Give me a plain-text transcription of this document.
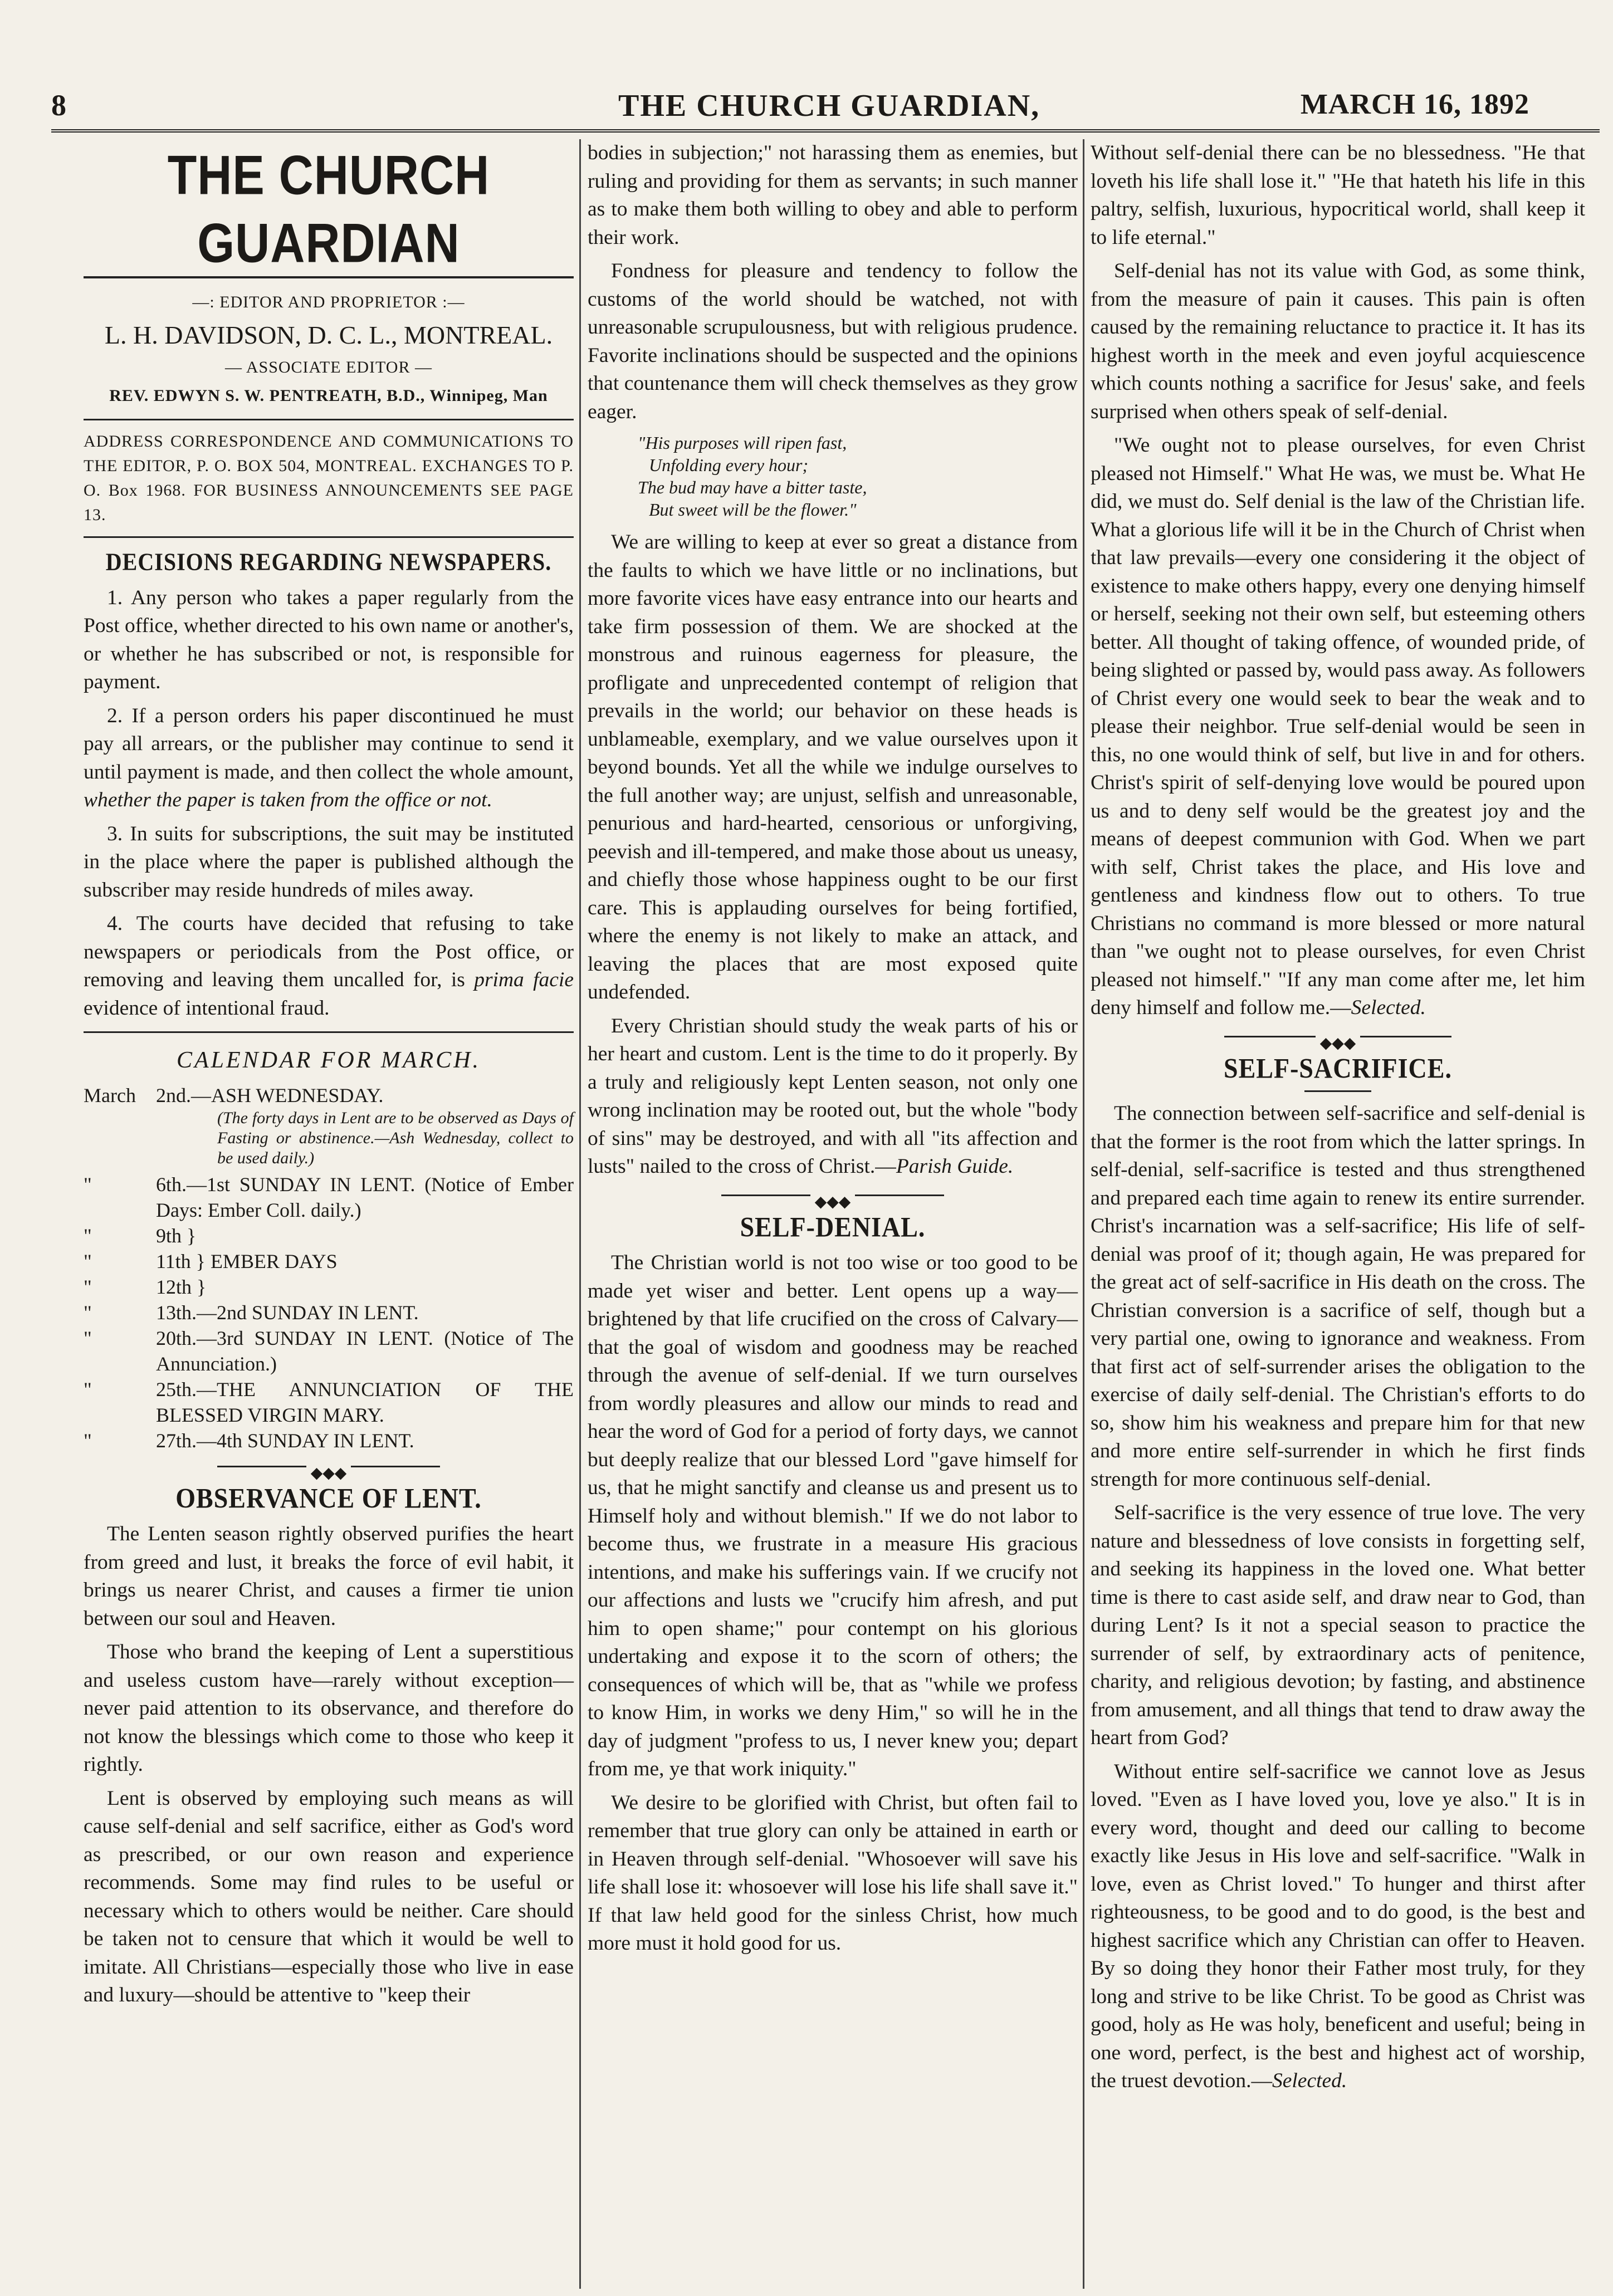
8	THE CHURCH GUARDIAN,	MARCH 16, 1892
THE CHURCH GUARDIAN
—: EDITOR AND PROPRIETOR :—
L. H. DAVIDSON, D. C. L., MONTREAL.
— ASSOCIATE EDITOR —
REV. EDWYN S. W. PENTREATH, B.D., Winnipeg, Man

ADDRESS CORRESPONDENCE AND COMMUNICATIONS TO THE EDITOR, P. O. BOX 504, MONTREAL. EXCHANGES TO P. O. Box 1968. FOR BUSINESS ANNOUNCEMENTS SEE PAGE 13.

DECISIONS REGARDING NEWSPAPERS.

1. Any person who takes a paper regularly from the Post office, whether directed to his own name or another's, or whether he has subscribed or not, is responsible for payment.

2. If a person orders his paper discontinued he must pay all arrears, or the publisher may continue to send it until payment is made, and then collect the whole amount, whether the paper is taken from the office or not.

3. In suits for subscriptions, the suit may be instituted in the place where the paper is published although the subscriber may reside hundreds of miles away.

4. The courts have decided that refusing to take newspapers or periodicals from the Post office, or removing and leaving them uncalled for, is prima facie evidence of intentional fraud.

CALENDAR FOR MARCH.
March	2nd.—ASH WEDNESDAY.
(The forty days in Lent are to be observed as Days of Fasting or abstinence.—Ash Wednesday, collect to be used daily.)
"	6th.—1st SUNDAY IN LENT. (Notice of Ember Days: Ember Coll. daily.)
"	9th }
"	11th } EMBER DAYS
"	12th }
"	13th.—2nd SUNDAY IN LENT.
"	20th.—3rd SUNDAY IN LENT. (Notice of The Annunciation.)
"	25th.—THE ANNUNCIATION OF THE BLESSED VIRGIN MARY.
"	27th.—4th SUNDAY IN LENT.
◆◆◆
OBSERVANCE OF LENT.

The Lenten season rightly observed purifies the heart from greed and lust, it breaks the force of evil habit, it brings us nearer Christ, and causes a firmer tie union between our soul and Heaven.

Those who brand the keeping of Lent a superstitious and useless custom have—rarely without exception—never paid attention to its observance, and therefore do not know the blessings which come to those who keep it rightly.

Lent is observed by employing such means as will cause self-denial and self sacrifice, either as God's word as prescribed, or our own reason and experience recommends. Some may find rules to be useful or necessary which to others would be neither. Care should be taken not to censure that which it would be well to imitate. All Christians—especially those who live in ease and luxury—should be attentive to "keep their

bodies in subjection;" not harassing them as enemies, but ruling and providing for them as servants; in such manner as to make them both willing to obey and able to perform their work.

Fondness for pleasure and tendency to follow the customs of the world should be watched, not with unreasonable scrupulousness, but with religious prudence. Favorite inclinations should be suspected and the opinions that countenance them will check themselves as they grow eager.

"His purposes will ripen fast,
Unfolding every hour;
The bud may have a bitter taste,
But sweet will be the flower."

We are willing to keep at ever so great a distance from the faults to which we have little or no inclinations, but more favorite vices have easy entrance into our hearts and take firm possession of them. We are shocked at the monstrous and ruinous eagerness for pleasure, the profligate and unprecedented contempt of religion that prevails in the world; our behavior on these heads is unblameable, exemplary, and we value ourselves upon it beyond bounds. Yet all the while we indulge ourselves to the full another way; are unjust, selfish and unreasonable, penurious and hard-hearted, censorious or unforgiving, peevish and ill-tempered, and make those about us uneasy, and chiefly those whose happiness ought to be our first care. This is applauding ourselves for being fortified, where the enemy is not likely to make an attack, and leaving the places that are most exposed quite undefended.

Every Christian should study the weak parts of his or her heart and custom. Lent is the time to do it properly. By a truly and religiously kept Lenten season, not only one wrong inclination may be rooted out, but the whole "body of sins" may be destroyed, and with all "its affection and lusts" nailed to the cross of Christ.—Parish Guide.

◆◆◆
SELF-DENIAL.

The Christian world is not too wise or too good to be made yet wiser and better. Lent opens up a way—brightened by that life crucified on the cross of Calvary—that the goal of wisdom and goodness may be reached through the avenue of self-denial. If we turn ourselves from wordly pleasures and allow our minds to read and hear the word of God for a period of forty days, we cannot but deeply realize that our blessed Lord "gave himself for us, that he might sanctify and cleanse us and present us to Himself holy and without blemish." If we do not labor to become thus, we frustrate in a measure His gracious intentions, and make his sufferings vain. If we crucify not our affections and lusts we "crucify him afresh, and put him to open shame;" pour contempt on his glorious undertaking and expose it to the scorn of others; the consequences of which will be, that as "while we profess to know Him, in works we deny Him," so will he in the day of judgment "profess to us, I never knew you; depart from me, ye that work iniquity."

We desire to be glorified with Christ, but often fail to remember that true glory can only be attained in earth or in Heaven through self-denial. "Whosoever will save his life shall lose it: whosoever will lose his life shall save it." If that law held good for the sinless Christ, how much more must it hold good for us.

Without self-denial there can be no blessedness. "He that loveth his life shall lose it." "He that hateth his life in this paltry, selfish, luxurious, hypocritical world, shall keep it to life eternal."

Self-denial has not its value with God, as some think, from the measure of pain it causes. This pain is often caused by the remaining reluctance to practice it. It has its highest worth in the meek and even joyful acquiescence which counts nothing a sacrifice for Jesus' sake, and feels surprised when others speak of self-denial.

"We ought not to please ourselves, for even Christ pleased not Himself." What He was, we must be. What He did, we must do. Self denial is the law of the Christian life. What a glorious life will it be in the Church of Christ when that law prevails—every one considering it the object of existence to make others happy, every one denying himself or herself, seeking not their own self, but esteeming others better. All thought of taking offence, of wounded pride, of being slighted or passed by, would pass away. As followers of Christ every one would seek to bear the weak and to please their neighbor. True self-denial would be seen in this, no one would think of self, but live in and for others. Christ's spirit of self-denying love would be poured upon us and to deny self would be the greatest joy and the means of deepest communion with God. When we part with self, Christ takes the place, and His love and gentleness and kindness flow out to others. To true Christians no command is more blessed or more natural than "we ought not to please ourselves, for even Christ pleased not himself." "If any man come after me, let him deny himself and follow me.—Selected.

◆◆◆
SELF-SACRIFICE.

The connection between self-sacrifice and self-denial is that the former is the root from which the latter springs. In self-denial, self-sacrifice is tested and thus strengthened and prepared each time again to renew its entire surrender. Christ's incarnation was a self-sacrifice; His life of self-denial was proof of it; though again, He was prepared for the great act of self-sacrifice in His death on the cross. The Christian conversion is a sacrifice of self, though but a very partial one, owing to ignorance and weakness. From that first act of self-surrender arises the obligation to the exercise of daily self-denial. The Christian's efforts to do so, show him his weakness and prepare him for that new and more entire self-surrender in which he first finds strength for more continuous self-denial.

Self-sacrifice is the very essence of true love. The very nature and blessedness of love consists in forgetting self, and seeking its happiness in the loved one. What better time is there to cast aside self, and draw near to God, than during Lent? Is it not a special season to practice the surrender of self, by extraordinary acts of penitence, charity, and religious devotion; by fasting, and abstinence from amusement, and all things that tend to draw away the heart from God?

Without entire self-sacrifice we cannot love as Jesus loved. "Even as I have loved you, love ye also." It is in every word, thought and deed our calling to become exactly like Jesus in His love and self-sacrifice. "Walk in love, even as Christ loved." To hunger and thirst after righteousness, to be good and to do good, is the best and highest sacrifice which any Christian can offer to Heaven. By so doing they honor their Father most truly, for they long and strive to be like Christ. To be good as Christ was good, holy as He was holy, beneficent and useful; being in one word, perfect, is the best and highest act of worship, the truest devotion.—Selected.
